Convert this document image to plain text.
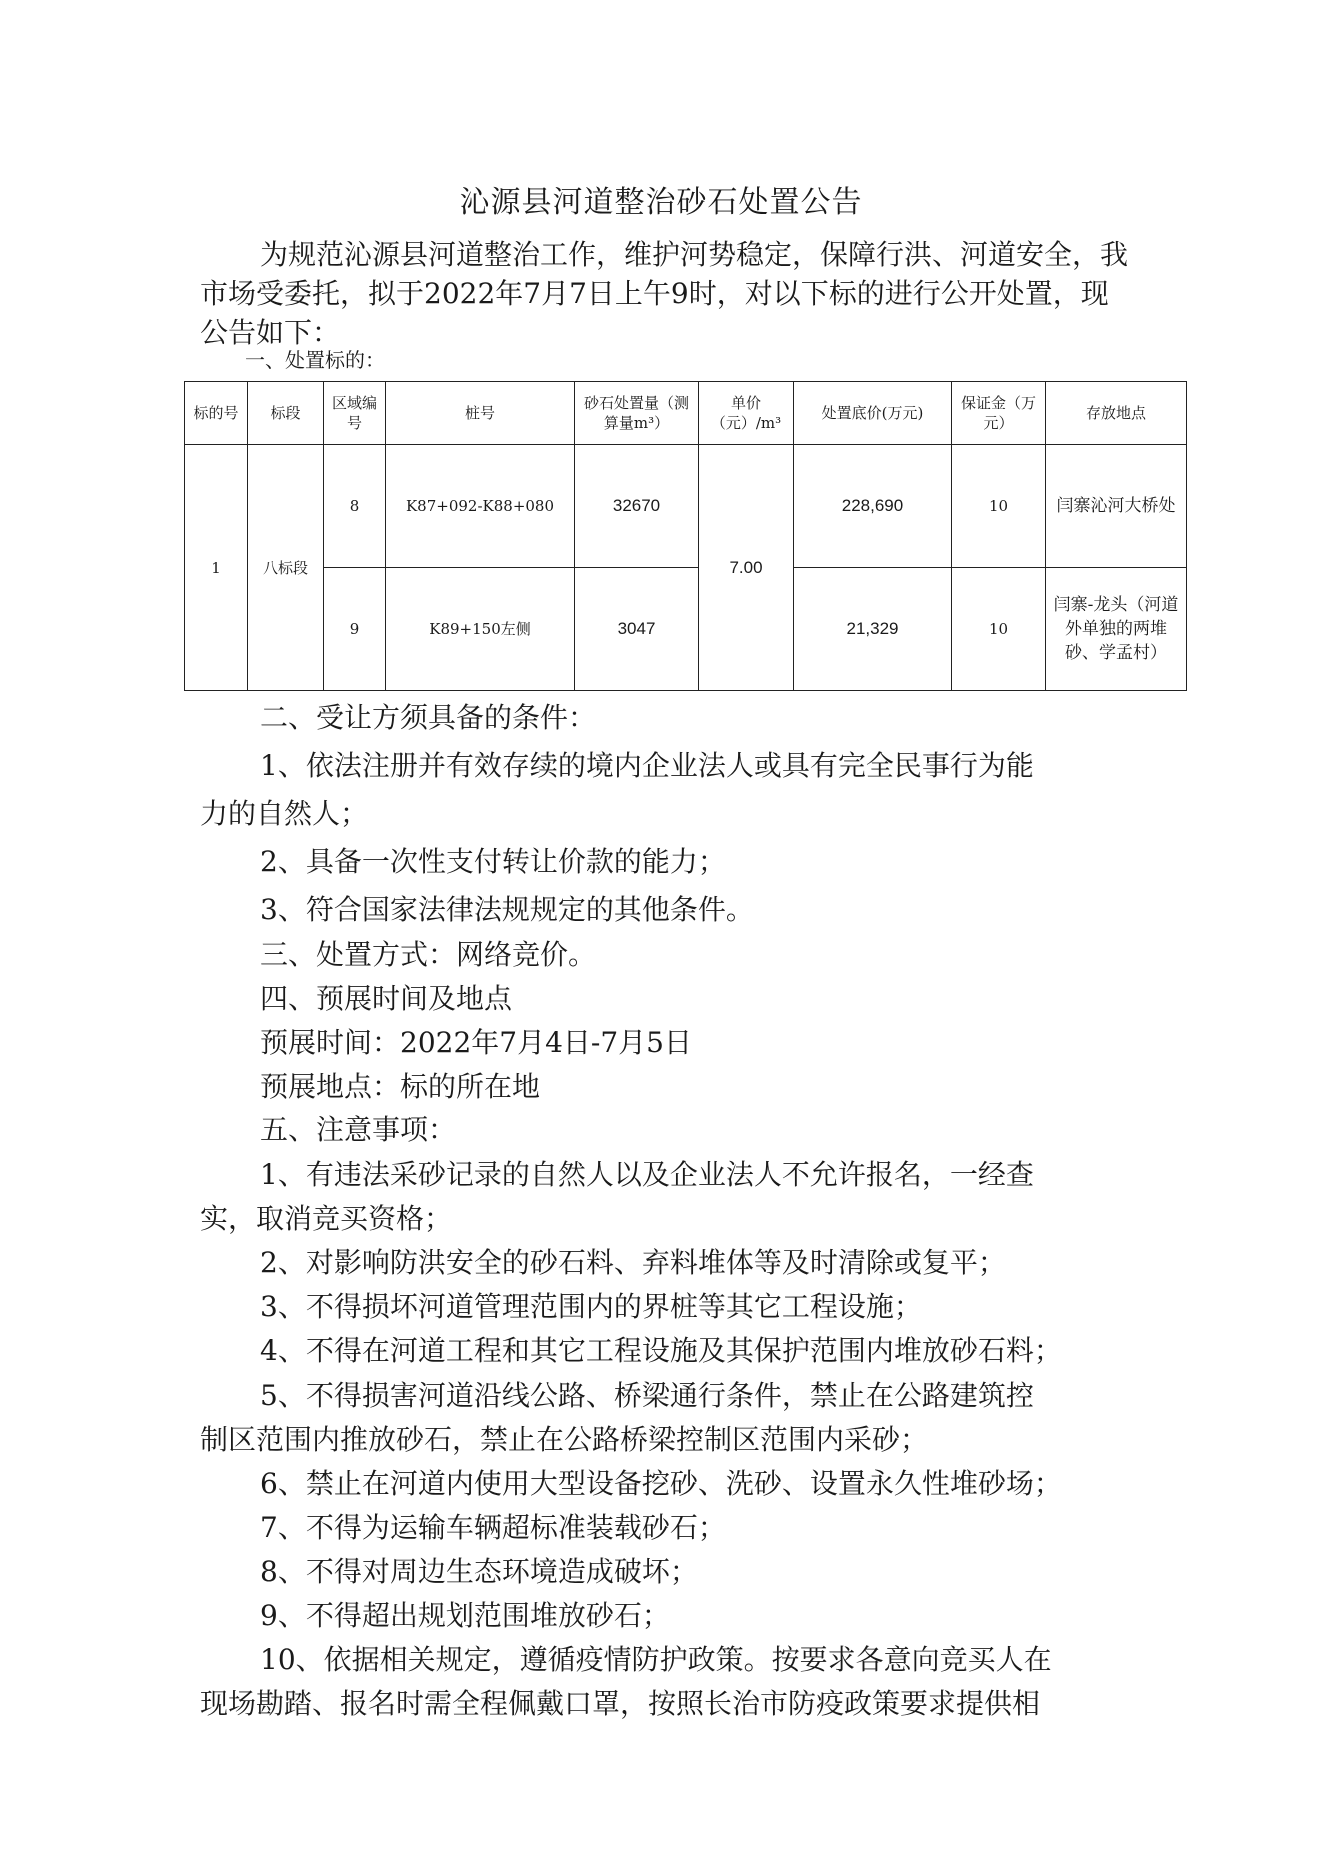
沁源县河道整治砂石处置公告

为规范沁源县河道整治工作，维护河势稳定，保障行洪、河道安全，我市场受委托，拟于2022年7月7日上午9时，对以下标的进行公开处置，现公告如下：

一、处置标的：
标的号	标段	区域编号	桩号	砂石处置量（测算量m³）	单价（元）/m³	处置底价(万元)	保证金（万元）	存放地点
1	八标段	8	K87+092-K88+080	32670	7.00	228,690	10	闫寨沁河大桥处
		9	K89+150左侧	3047		21,329	10	闫寨-龙头（河道外单独的两堆砂、学孟村）
二、受让方须具备的条件：
1、依法注册并有效存续的境内企业法人或具有完全民事行为能
力的自然人；
2、具备一次性支付转让价款的能力；
3、符合国家法律法规规定的其他条件。
三、处置方式：网络竞价。
四、预展时间及地点
预展时间：2022年7月4日-7月5日
预展地点：标的所在地
五、注意事项：
1、有违法采砂记录的自然人以及企业法人不允许报名，一经查
实，取消竞买资格；
2、对影响防洪安全的砂石料、弃料堆体等及时清除或复平；
3、不得损坏河道管理范围内的界桩等其它工程设施；
4、不得在河道工程和其它工程设施及其保护范围内堆放砂石料；
5、不得损害河道沿线公路、桥梁通行条件，禁止在公路建筑控
制区范围内推放砂石，禁止在公路桥梁控制区范围内采砂；
6、禁止在河道内使用大型设备挖砂、洗砂、设置永久性堆砂场；
7、不得为运输车辆超标准装载砂石；
8、不得对周边生态环境造成破坏；
9、不得超出规划范围堆放砂石；
10、依据相关规定，遵循疫情防护政策。按要求各意向竞买人在
现场勘踏、报名时需全程佩戴口罩，按照长治市防疫政策要求提供相
